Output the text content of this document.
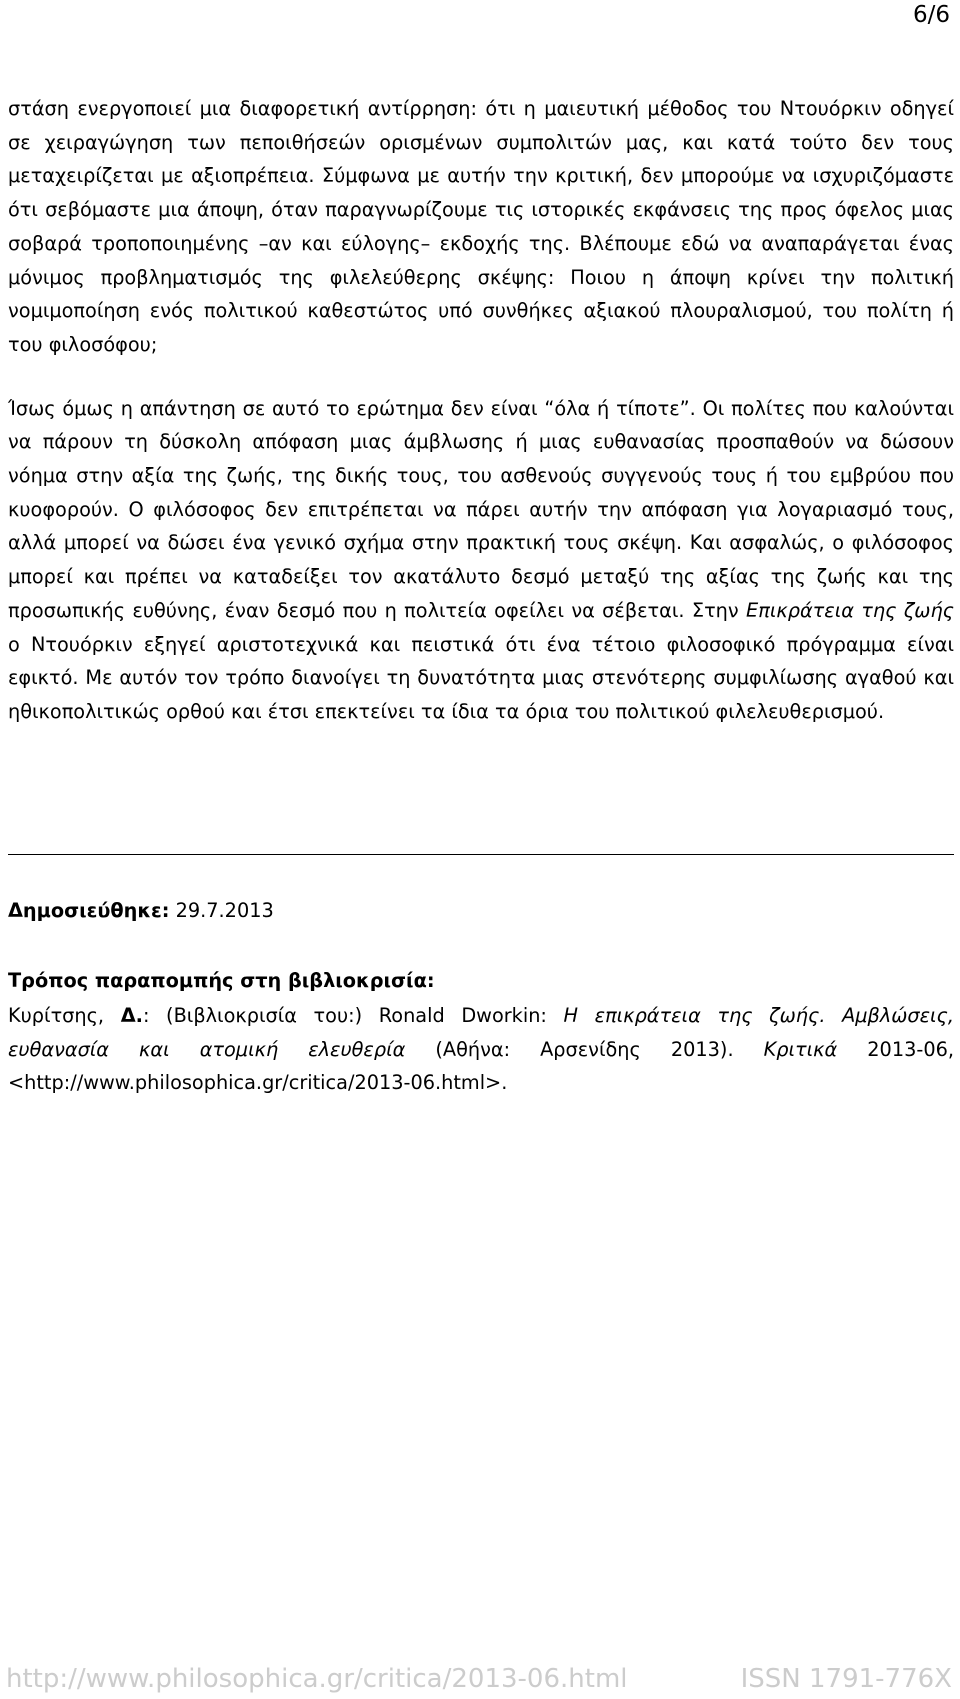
6/6

στάση ενεργοποιεί μια διαφορετική αντίρρηση: ότι η μαιευτική μέθοδος του Ντουόρκιν οδηγεί σε χειραγώγηση των πεποιθήσεών ορισμένων συμπολιτών μας, και κατά τούτο δεν τους μεταχειρίζεται με αξιοπρέπεια. Σύμφωνα με αυτήν την κριτική, δεν μπορούμε να ισχυριζόμαστε ότι σεβόμαστε μια άποψη, όταν παραγνωρίζουμε τις ιστορικές εκφάνσεις της προς όφελος μιας σοβαρά τροποποιημένης –αν και εύλογης– εκδοχής της. Βλέπουμε εδώ να αναπαράγεται ένας μόνιμος προβληματισμός της φιλελεύθερης σκέψης: Ποιου η άποψη κρίνει την πολιτική νομιμοποίηση ενός πολιτικού καθεστώτος υπό συνθήκες αξιακού πλουραλισμού, του πολίτη ή του φιλοσόφου;

Ίσως όμως η απάντηση σε αυτό το ερώτημα δεν είναι “όλα ή τίποτε”. Οι πολίτες που καλούνται να πάρουν τη δύσκολη απόφαση μιας άμβλωσης ή μιας ευθανασίας προσπαθούν να δώσουν νόημα στην αξία της ζωής, της δικής τους, του ασθενούς συγγενούς τους ή του εμβρύου που κυοφορούν. Ο φιλόσοφος δεν επιτρέπεται να πάρει αυτήν την απόφαση για λογαριασμό τους, αλλά μπορεί να δώσει ένα γενικό σχήμα στην πρακτική τους σκέψη. Και ασφαλώς, ο φιλόσοφος μπορεί και πρέπει να καταδείξει τον ακατάλυτο δεσμό μεταξύ της αξίας της ζωής και της προσωπικής ευθύνης, έναν δεσμό που η πολιτεία οφείλει να σέβεται. Στην Επικράτεια της ζωής ο Ντουόρκιν εξηγεί αριστοτεχνικά και πειστικά ότι ένα τέτοιο φιλοσοφικό πρόγραμμα είναι εφικτό. Με αυτόν τον τρόπο διανοίγει τη δυνατότητα μιας στενότερης συμφιλίωσης αγαθού και ηθικοπολιτικώς ορθού και έτσι επεκτείνει τα ίδια τα όρια του πολιτικού φιλελευθερισμού.

Δημοσιεύθηκε: 29.7.2013
Τρόπος παραπομπής στη βιβλιοκρισία:
Κυρίτσης, Δ.: (Βιβλιοκρισία του:) Ronald Dworkin: Η επικράτεια της ζωής. Αμβλώσεις, ευθανασία και ατομική ελευθερία (Αθήνα: Αρσενίδης 2013). Κριτικά 2013-06, <http://www.philosophica.gr/critica/2013-06.html>.
http://www.philosophica.gr/critica/2013-06.html	ISSN 1791-776X
